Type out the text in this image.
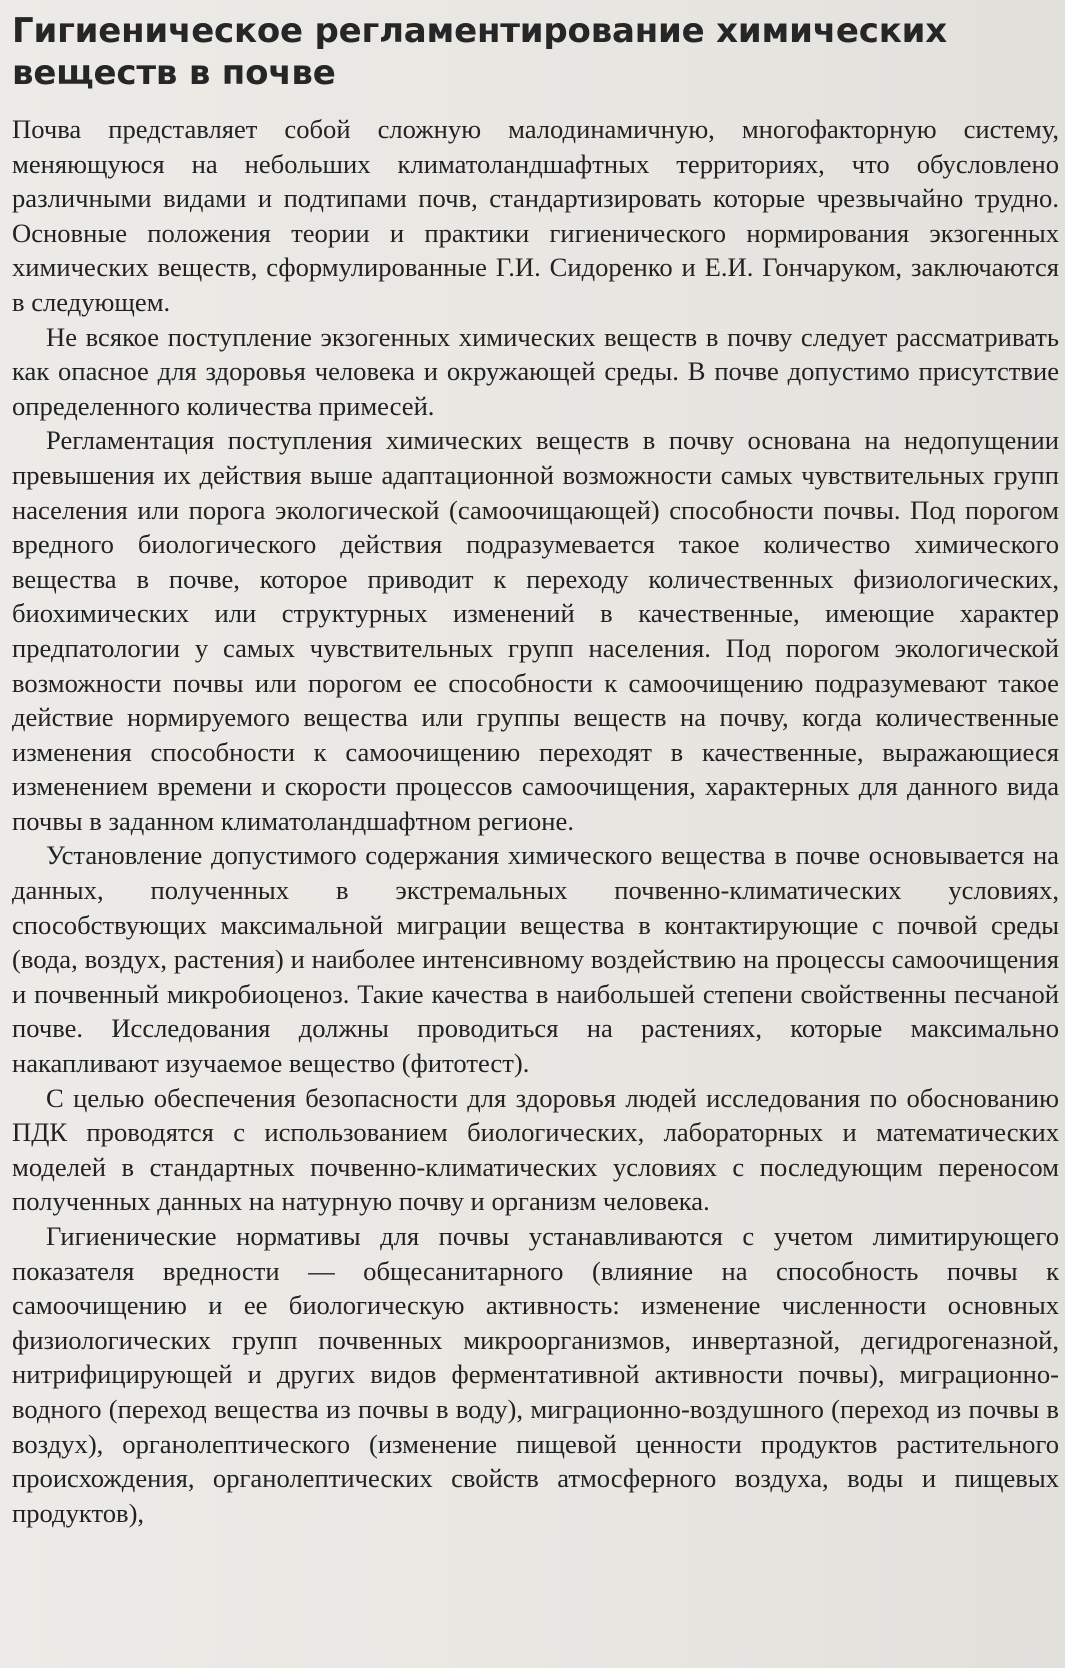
Гигиеническое регламентирование химических веществ в почве

Почва представляет собой сложную малодинамичную, многофакторную систему, меняющуюся на небольших климатоландшафтных территориях, что обусловлено различными видами и подтипами почв, стандартизировать которые чрезвычайно трудно. Основные положения теории и практики гигиенического нормирования экзогенных химических веществ, сформулированные Г.И. Сидоренко и Е.И. Гончаруком, заключаются в следующем.

Не всякое поступление экзогенных химических веществ в почву следует рассматривать как опасное для здоровья человека и окружающей среды. В почве допустимо присутствие определенного количества примесей.

Регламентация поступления химических веществ в почву основана на недопущении превышения их действия выше адаптационной возможности самых чувствительных групп населения или порога экологической (самоочищающей) способности почвы. Под порогом вредного биологического действия подразумевается такое количество химического вещества в почве, которое приводит к переходу количественных физиологических, биохимических или структурных изменений в качественные, имеющие характер предпатологии у самых чувствительных групп населения. Под порогом экологической возможности почвы или порогом ее способности к самоочищению подразумевают такое действие нормируемого вещества или группы веществ на почву, когда количественные изменения способности к самоочищению переходят в качественные, выражающиеся изменением времени и скорости процессов самоочищения, характерных для данного вида почвы в заданном климатоландшафтном регионе.

Установление допустимого содержания химического вещества в почве основывается на данных, полученных в экстремальных почвенно-климатических условиях, способствующих максимальной миграции вещества в контактирующие с почвой среды (вода, воздух, растения) и наиболее интенсивному воздействию на процессы самоочищения и почвенный микробиоценоз. Такие качества в наибольшей степени свойственны песчаной почве. Исследования должны проводиться на растениях, которые максимально накапливают изучаемое вещество (фитотест).

С целью обеспечения безопасности для здоровья людей исследования по обоснованию ПДК проводятся с использованием биологических, лабораторных и математических моделей в стандартных почвенно-климатических условиях с последующим переносом полученных данных на натурную почву и организм человека.

Гигиенические нормативы для почвы устанавливаются с учетом лимитирующего показателя вредности — общесанитарного (влияние на способность почвы к самоочищению и ее биологическую активность: изменение численности основных физиологических групп почвенных микроорганизмов, инвертазной, дегидрогеназной, нитрифицирующей и других видов ферментативной активности почвы), миграционно-водного (переход вещества из почвы в воду), миграционно-воздушного (переход из почвы в воздух), органолептического (изменение пищевой ценности продуктов растительного происхождения, органолептических свойств атмосферного воздуха, воды и пищевых продуктов),
